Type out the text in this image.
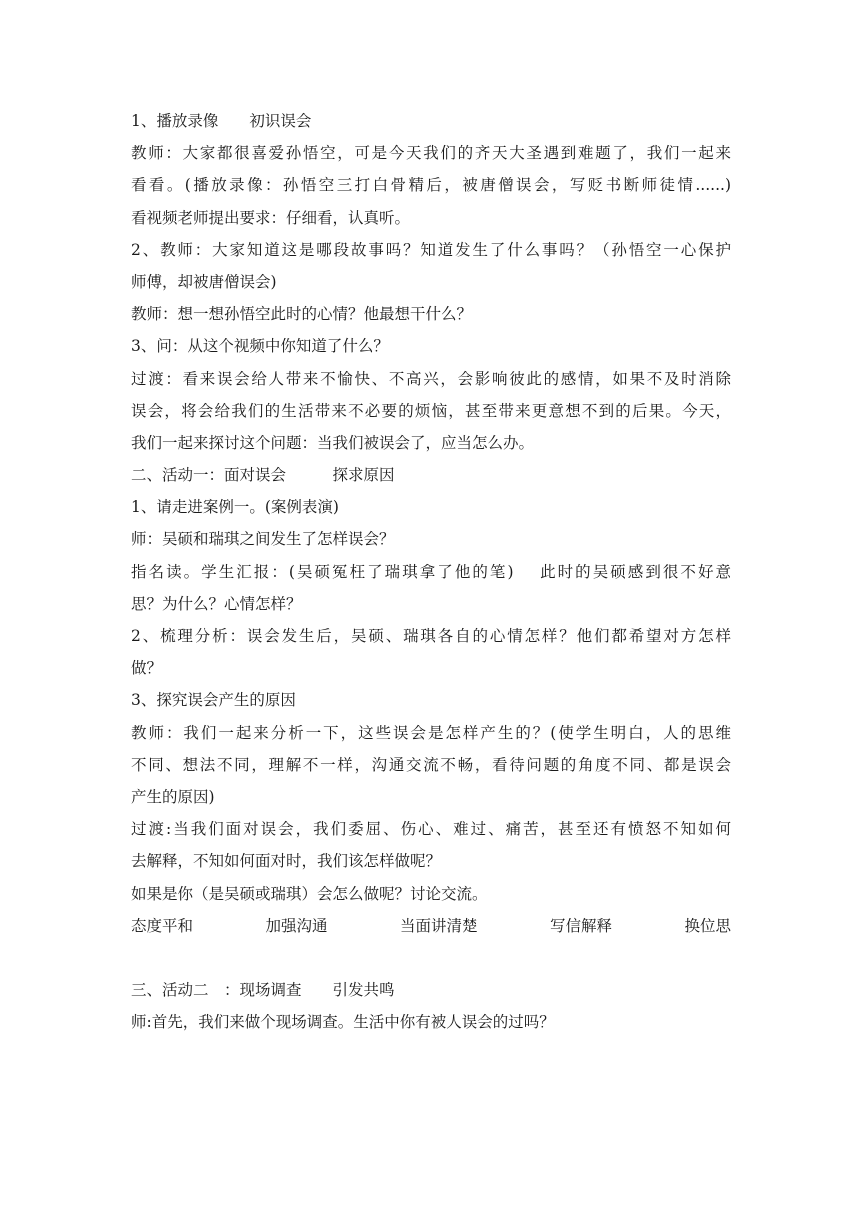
1、播放录像　　初识误会
教师：大家都很喜爱孙悟空，可是今天我们的齐天大圣遇到难题了，我们一起来
看看。(播放录像：孙悟空三打白骨精后，被唐僧误会，写贬书断师徒情......)
看视频老师提出要求：仔细看，认真听。
2、教师：大家知道这是哪段故事吗？知道发生了什么事吗？（孙悟空一心保护
师傅，却被唐僧误会)
教师：想一想孙悟空此时的心情？他最想干什么？
3、问：从这个视频中你知道了什么？
过渡：看来误会给人带来不愉快、不高兴，会影响彼此的感情，如果不及时消除
误会，将会给我们的生活带来不必要的烦恼，甚至带来更意想不到的后果。今天，
我们一起来探讨这个问题：当我们被误会了，应当怎么办。
二、活动一：面对误会　　　探求原因
1、请走进案例一。(案例表演)
师：吴硕和瑞琪之间发生了怎样误会？
指名读。学生汇报：(吴硕冤枉了瑞琪拿了他的笔)　 此时的吴硕感到很不好意
思？为什么？心情怎样？
2、梳理分析：误会发生后，吴硕、瑞琪各自的心情怎样？他们都希望对方怎样
做？
3、探究误会产生的原因
教师：我们一起来分析一下，这些误会是怎样产生的？(使学生明白，人的思维
不同、想法不同，理解不一样，沟通交流不畅，看待问题的角度不同、都是误会
产生的原因)
过渡:当我们面对误会，我们委屈、伤心、难过、痛苦，甚至还有愤怒不知如何
去解释，不知如何面对时，我们该怎样做呢？
如果是你（是吴硕或瑞琪）会怎么做呢？讨论交流。
态度平和	加强沟通	当面讲清楚	写信解释	换位思

三、活动二　：现场调查　　引发共鸣
师:首先，我们来做个现场调查。生活中你有被人误会的过吗？
